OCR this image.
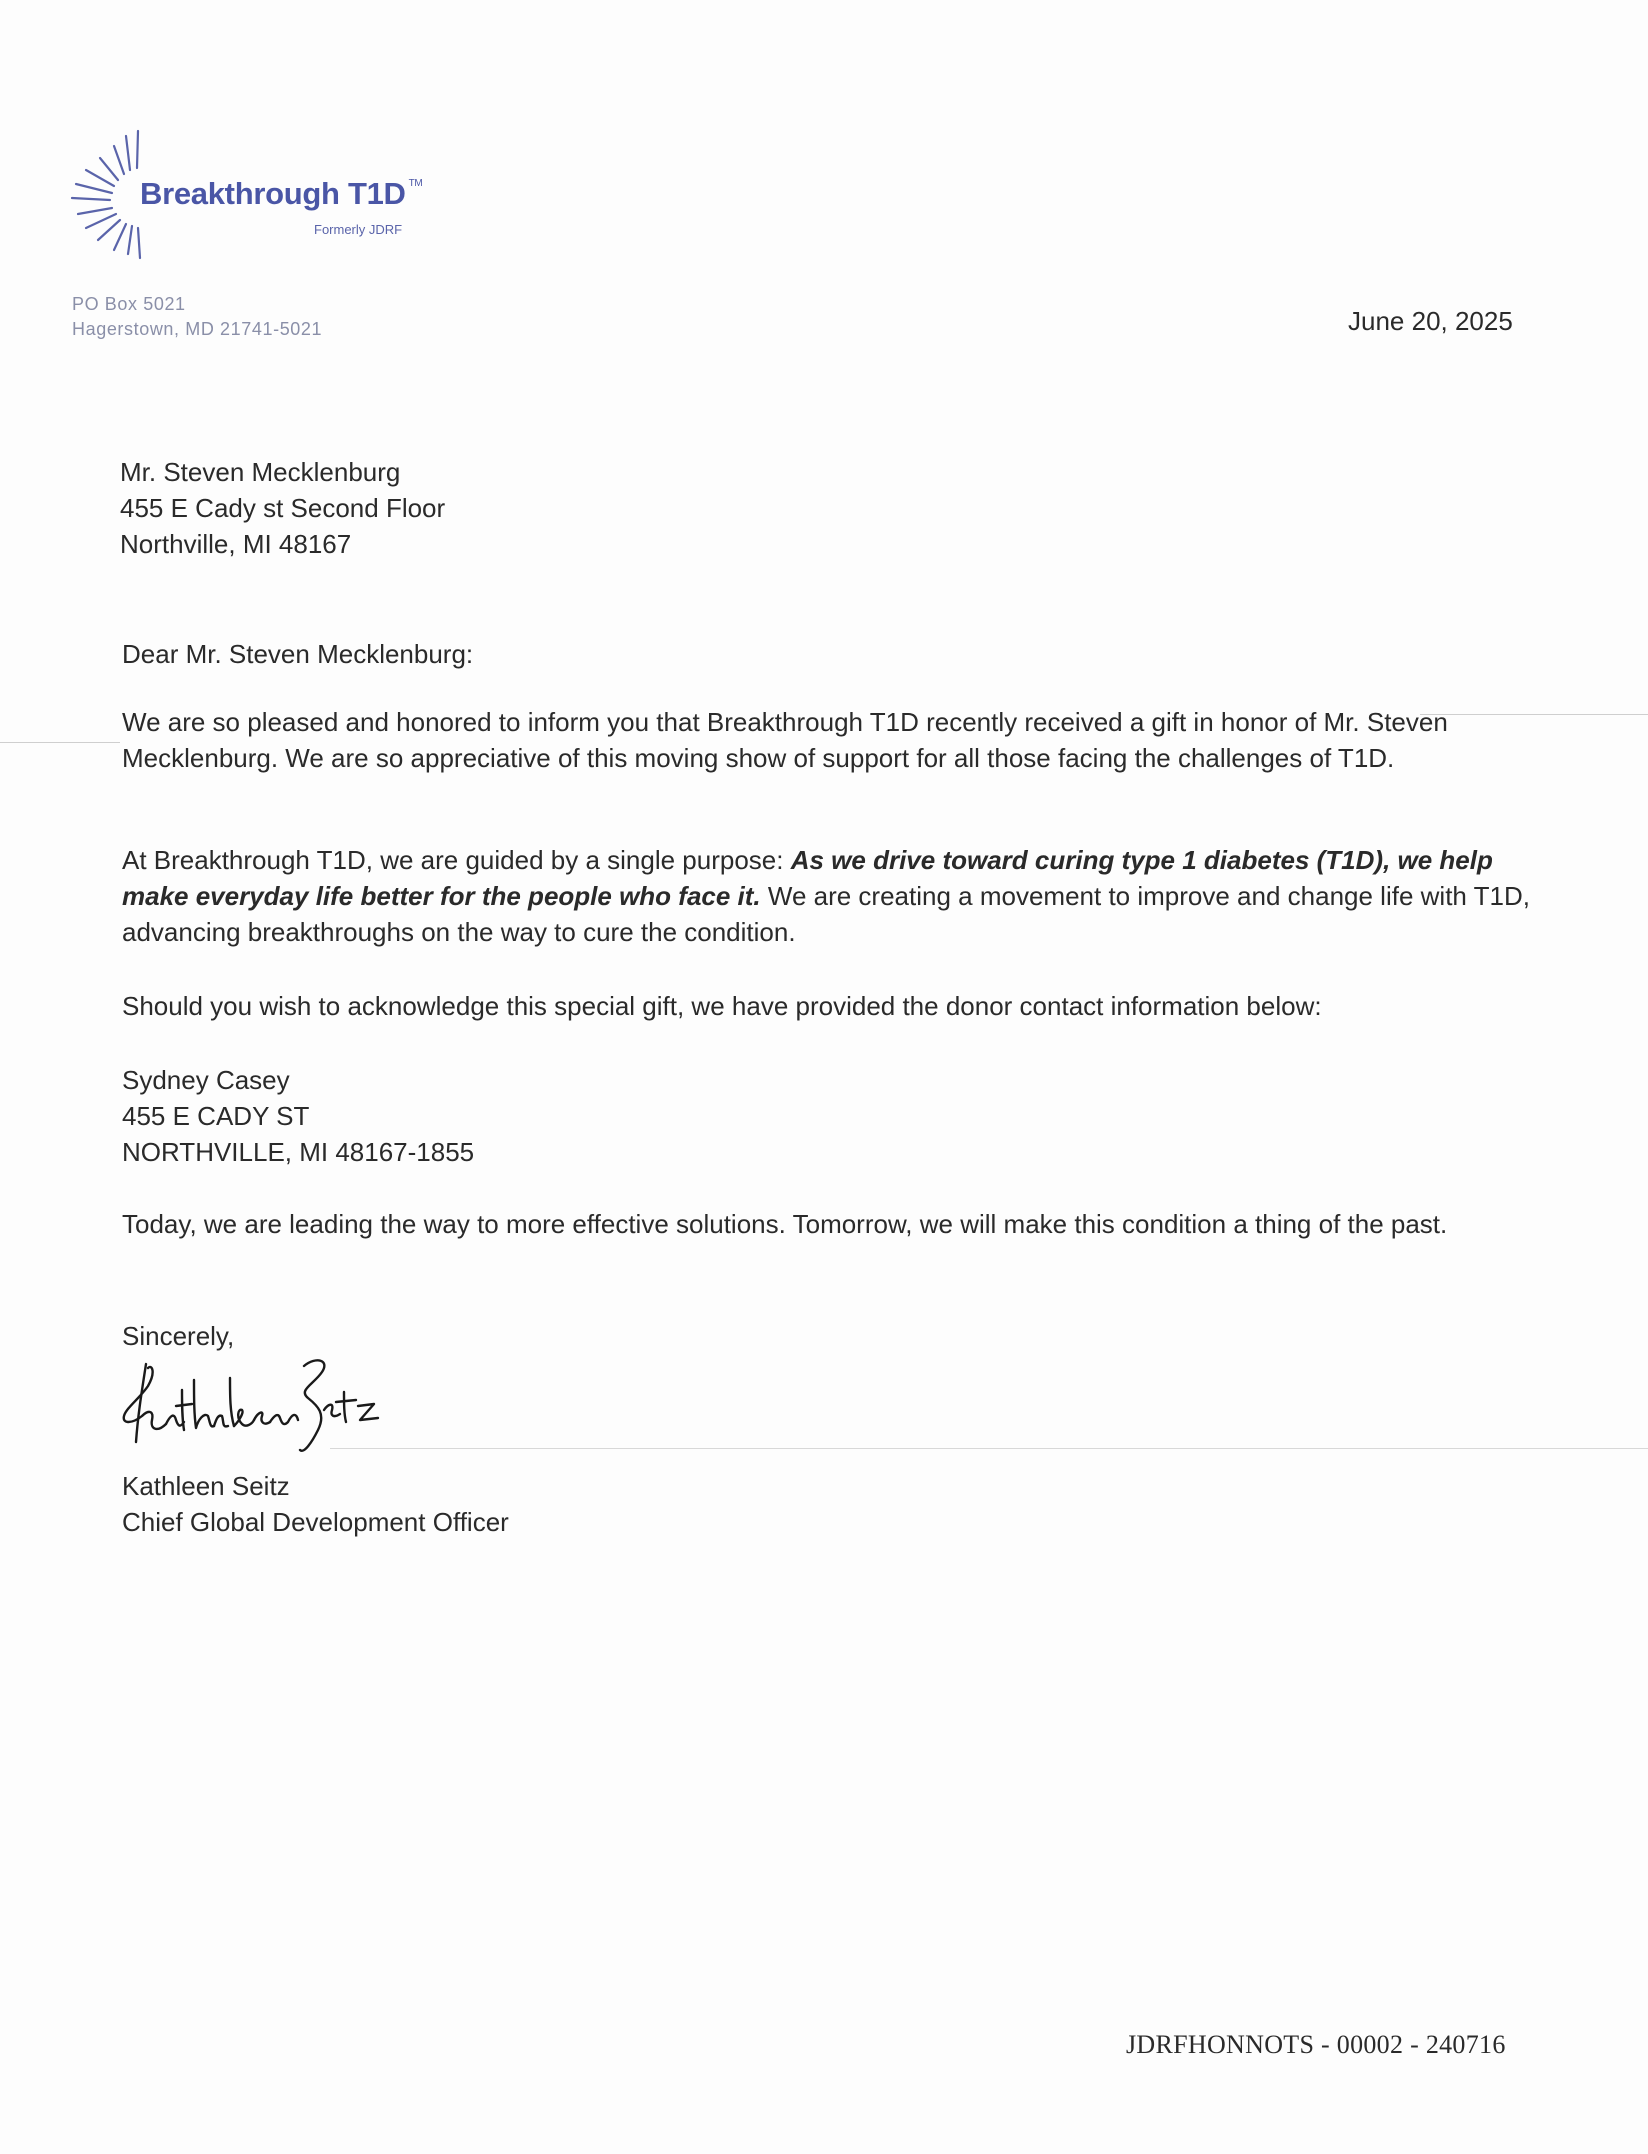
Breakthrough T1D ™
Formerly JDRF
PO Box 5021
Hagerstown, MD 21741-5021	June 20, 2025
Mr. Steven Mecklenburg
455 E Cady st Second Floor
Northville, MI 48167
Dear Mr. Steven Mecklenburg:
We are so pleased and honored to inform you that Breakthrough T1D recently received a gift in honor of Mr. Steven Mecklenburg. We are so appreciative of this moving show of support for all those facing the challenges of T1D.
At Breakthrough T1D, we are guided by a single purpose: As we drive toward curing type 1 diabetes (T1D), we help make everyday life better for the people who face it. We are creating a movement to improve and change life with T1D, advancing breakthroughs on the way to cure the condition.
Should you wish to acknowledge this special gift, we have provided the donor contact information below:
Sydney Casey
455 E CADY ST
NORTHVILLE, MI 48167-1855
Today, we are leading the way to more effective solutions. Tomorrow, we will make this condition a thing of the past.
Sincerely,
Kathleen Seitz
Chief Global Development Officer
JDRFHONNOTS - 00002 - 240716
